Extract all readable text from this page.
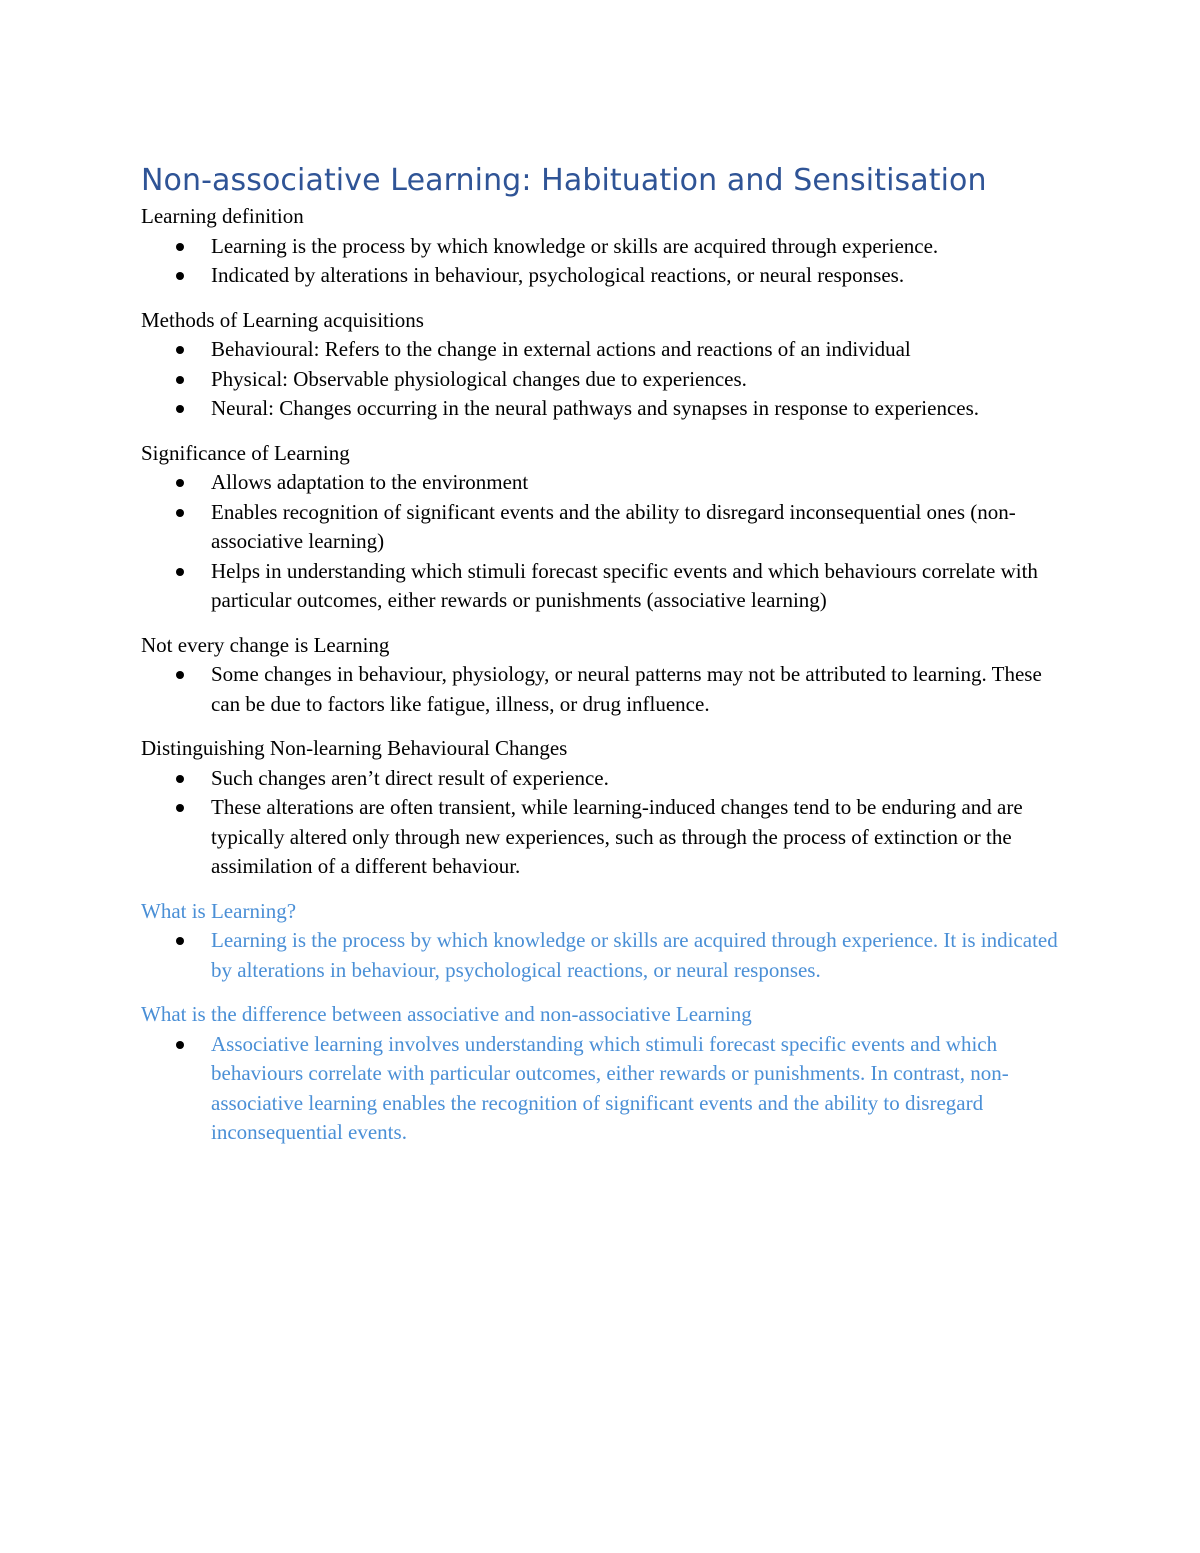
Non-associative Learning: Habituation and Sensitisation

Learning definition

Learning is the process by which knowledge or skills are acquired through experience.
Indicated by alterations in behaviour, psychological reactions, or neural responses.

Methods of Learning acquisitions

Behavioural: Refers to the change in external actions and reactions of an individual
Physical: Observable physiological changes due to experiences.
Neural: Changes occurring in the neural pathways and synapses in response to experiences.

Significance of Learning

Allows adaptation to the environment
Enables recognition of significant events and the ability to disregard inconsequential ones (non-associative learning)
Helps in understanding which stimuli forecast specific events and which behaviours correlate with particular outcomes, either rewards or punishments (associative learning)

Not every change is Learning

Some changes in behaviour, physiology, or neural patterns may not be attributed to learning. These can be due to factors like fatigue, illness, or drug influence.

Distinguishing Non-learning Behavioural Changes

Such changes aren’t direct result of experience.
These alterations are often transient, while learning-induced changes tend to be enduring and are typically altered only through new experiences, such as through the process of extinction or the assimilation of a different behaviour.

What is Learning?

Learning is the process by which knowledge or skills are acquired through experience. It is indicated by alterations in behaviour, psychological reactions, or neural responses.

What is the difference between associative and non-associative Learning

Associative learning involves understanding which stimuli forecast specific events and which behaviours correlate with particular outcomes, either rewards or punishments. In contrast, non-associative learning enables the recognition of significant events and the ability to disregard inconsequential events.
